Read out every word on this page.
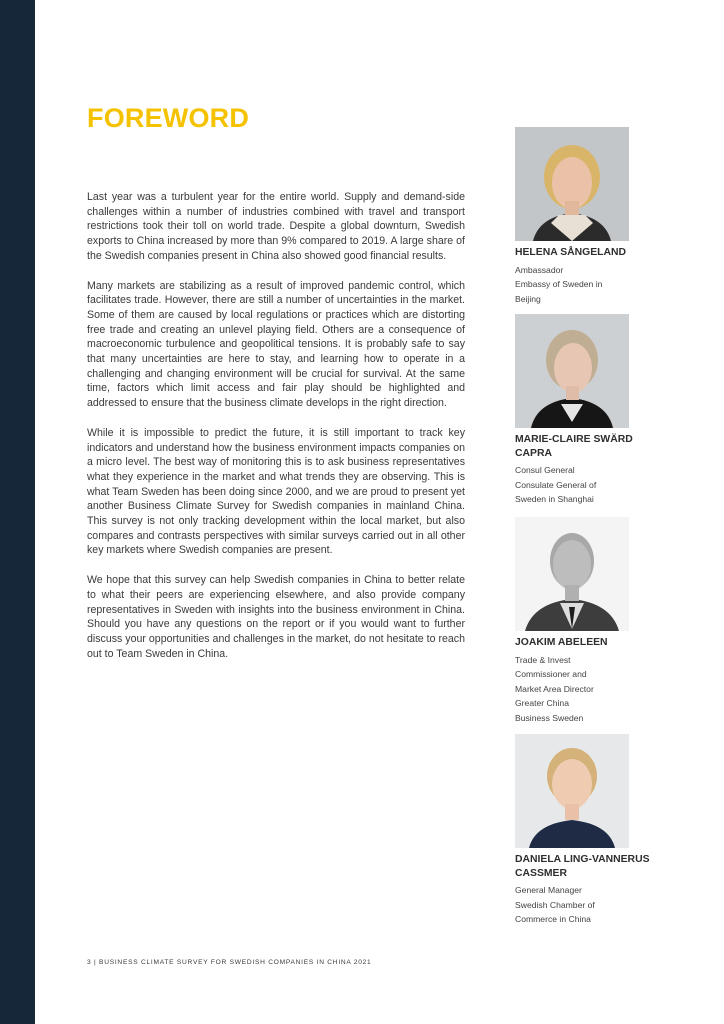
FOREWORD

Last year was a turbulent year for the entire world. Supply and demand-side challenges within a number of industries combined with travel and transport restrictions took their toll on world trade. Despite a global downturn, Swedish exports to China increased by more than 9% compared to 2019. A large share of the Swedish companies present in China also showed good financial results.

Many markets are stabilizing as a result of improved pandemic control, which facilitates trade. However, there are still a number of uncertainties in the market. Some of them are caused by local regulations or practices which are distorting free trade and creating an unlevel playing field. Others are a consequence of macroeconomic turbulence and geopolitical tensions. It is probably safe to say that many uncertainties are here to stay, and learning how to operate in a challenging and changing environment will be crucial for survival. At the same time, factors which limit access and fair play should be highlighted and addressed to ensure that the business climate develops in the right direction.

While it is impossible to predict the future, it is still important to track key indicators and understand how the business environment impacts companies on a micro level. The best way of monitoring this is to ask business representatives what they experience in the market and what trends they are observing. This is what Team Sweden has been doing since 2000, and we are proud to present yet another Business Climate Survey for Swedish companies in mainland China. This survey is not only tracking development within the local market, but also compares and contrasts perspectives with similar surveys carried out in all other key markets where Swedish companies are present.

We hope that this survey can help Swedish companies in China to better relate to what their peers are experiencing elsewhere, and also provide company representatives in Sweden with insights into the business environment in China. Should you have any questions on the report or if you would want to further discuss your opportunities and challenges in the market, do not hesitate to reach out to Team Sweden in China.

HELENA SÅNGELAND
Ambassador
Embassy of Sweden in
Beijing
MARIE-CLAIRE SWÄRD CAPRA
Consul General
Consulate General of
Sweden in Shanghai
JOAKIM ABELEEN
Trade & Invest
Commissioner and
Market Area Director
Greater China
Business Sweden
DANIELA LING-VANNERUS CASSMER
General Manager
Swedish Chamber of
Commerce in China
3 | BUSINESS CLIMATE SURVEY FOR SWEDISH COMPANIES IN CHINA 2021
